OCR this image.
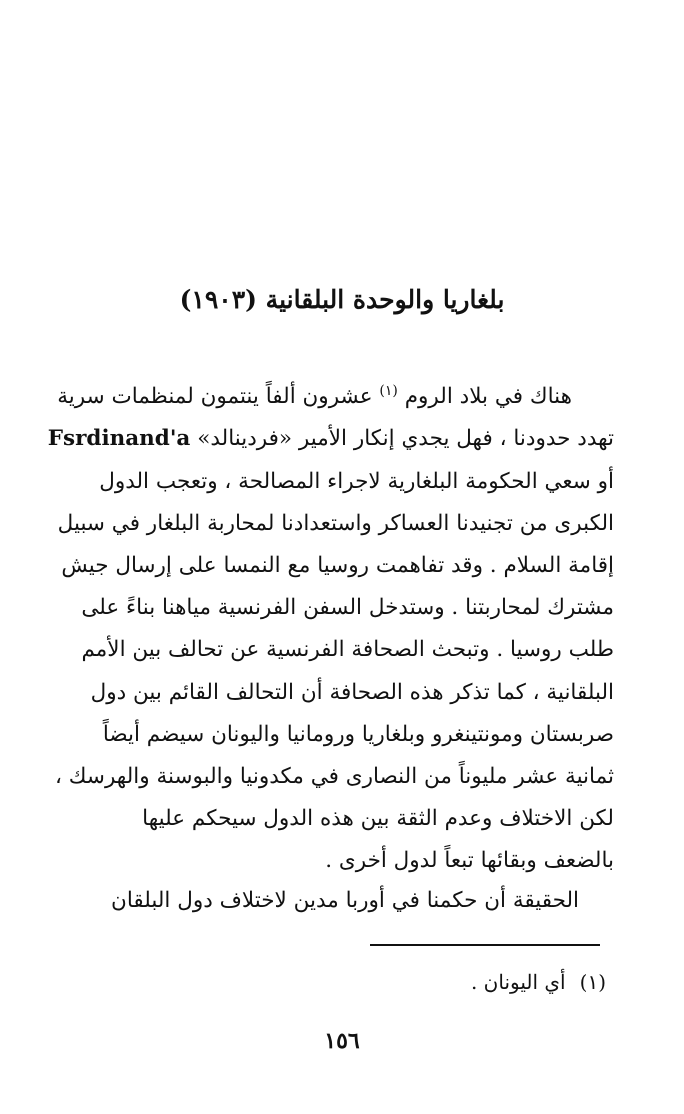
بلغاريا والوحدة البلقانية (١٩٠٣)
هناك في بلاد الروم $^{(١)}$ عشرون ألفاً ينتمون لمنظمات سرية
تهدد حدودنا ، فهل يجدي إنكار الأمير «فردينالد» Fsrdinand'a
أو سعي الحكومة البلغارية لاجراء المصالحة ، وتعجب الدول
الكبرى من تجنيدنا العساكر واستعدادنا لمحاربة البلغار في سبيل
إقامة السلام . وقد تفاهمت روسيا مع النمسا على إرسال جيش
مشترك لمحاربتنا . وستدخل السفن الفرنسية مياهنا بناءً على
طلب روسيا . وتبحث الصحافة الفرنسية عن تحالف بين الأمم
البلقانية ، كما تذكر هذه الصحافة أن التحالف القائم بين دول
صربستان ومونتينغرو وبلغاريا ورومانيا واليونان سيضم أيضاً
ثمانية عشر مليوناً من النصارى في مكدونيا والبوسنة والهرسك ،
لكن الاختلاف وعدم الثقة بين هذه الدول سيحكم عليها
بالضعف وبقائها تبعاً لدول أخرى .
الحقيقة أن حكمنا في أوربا مدين لاختلاف دول البلقان

(١)أي اليونان .

١٥٦
